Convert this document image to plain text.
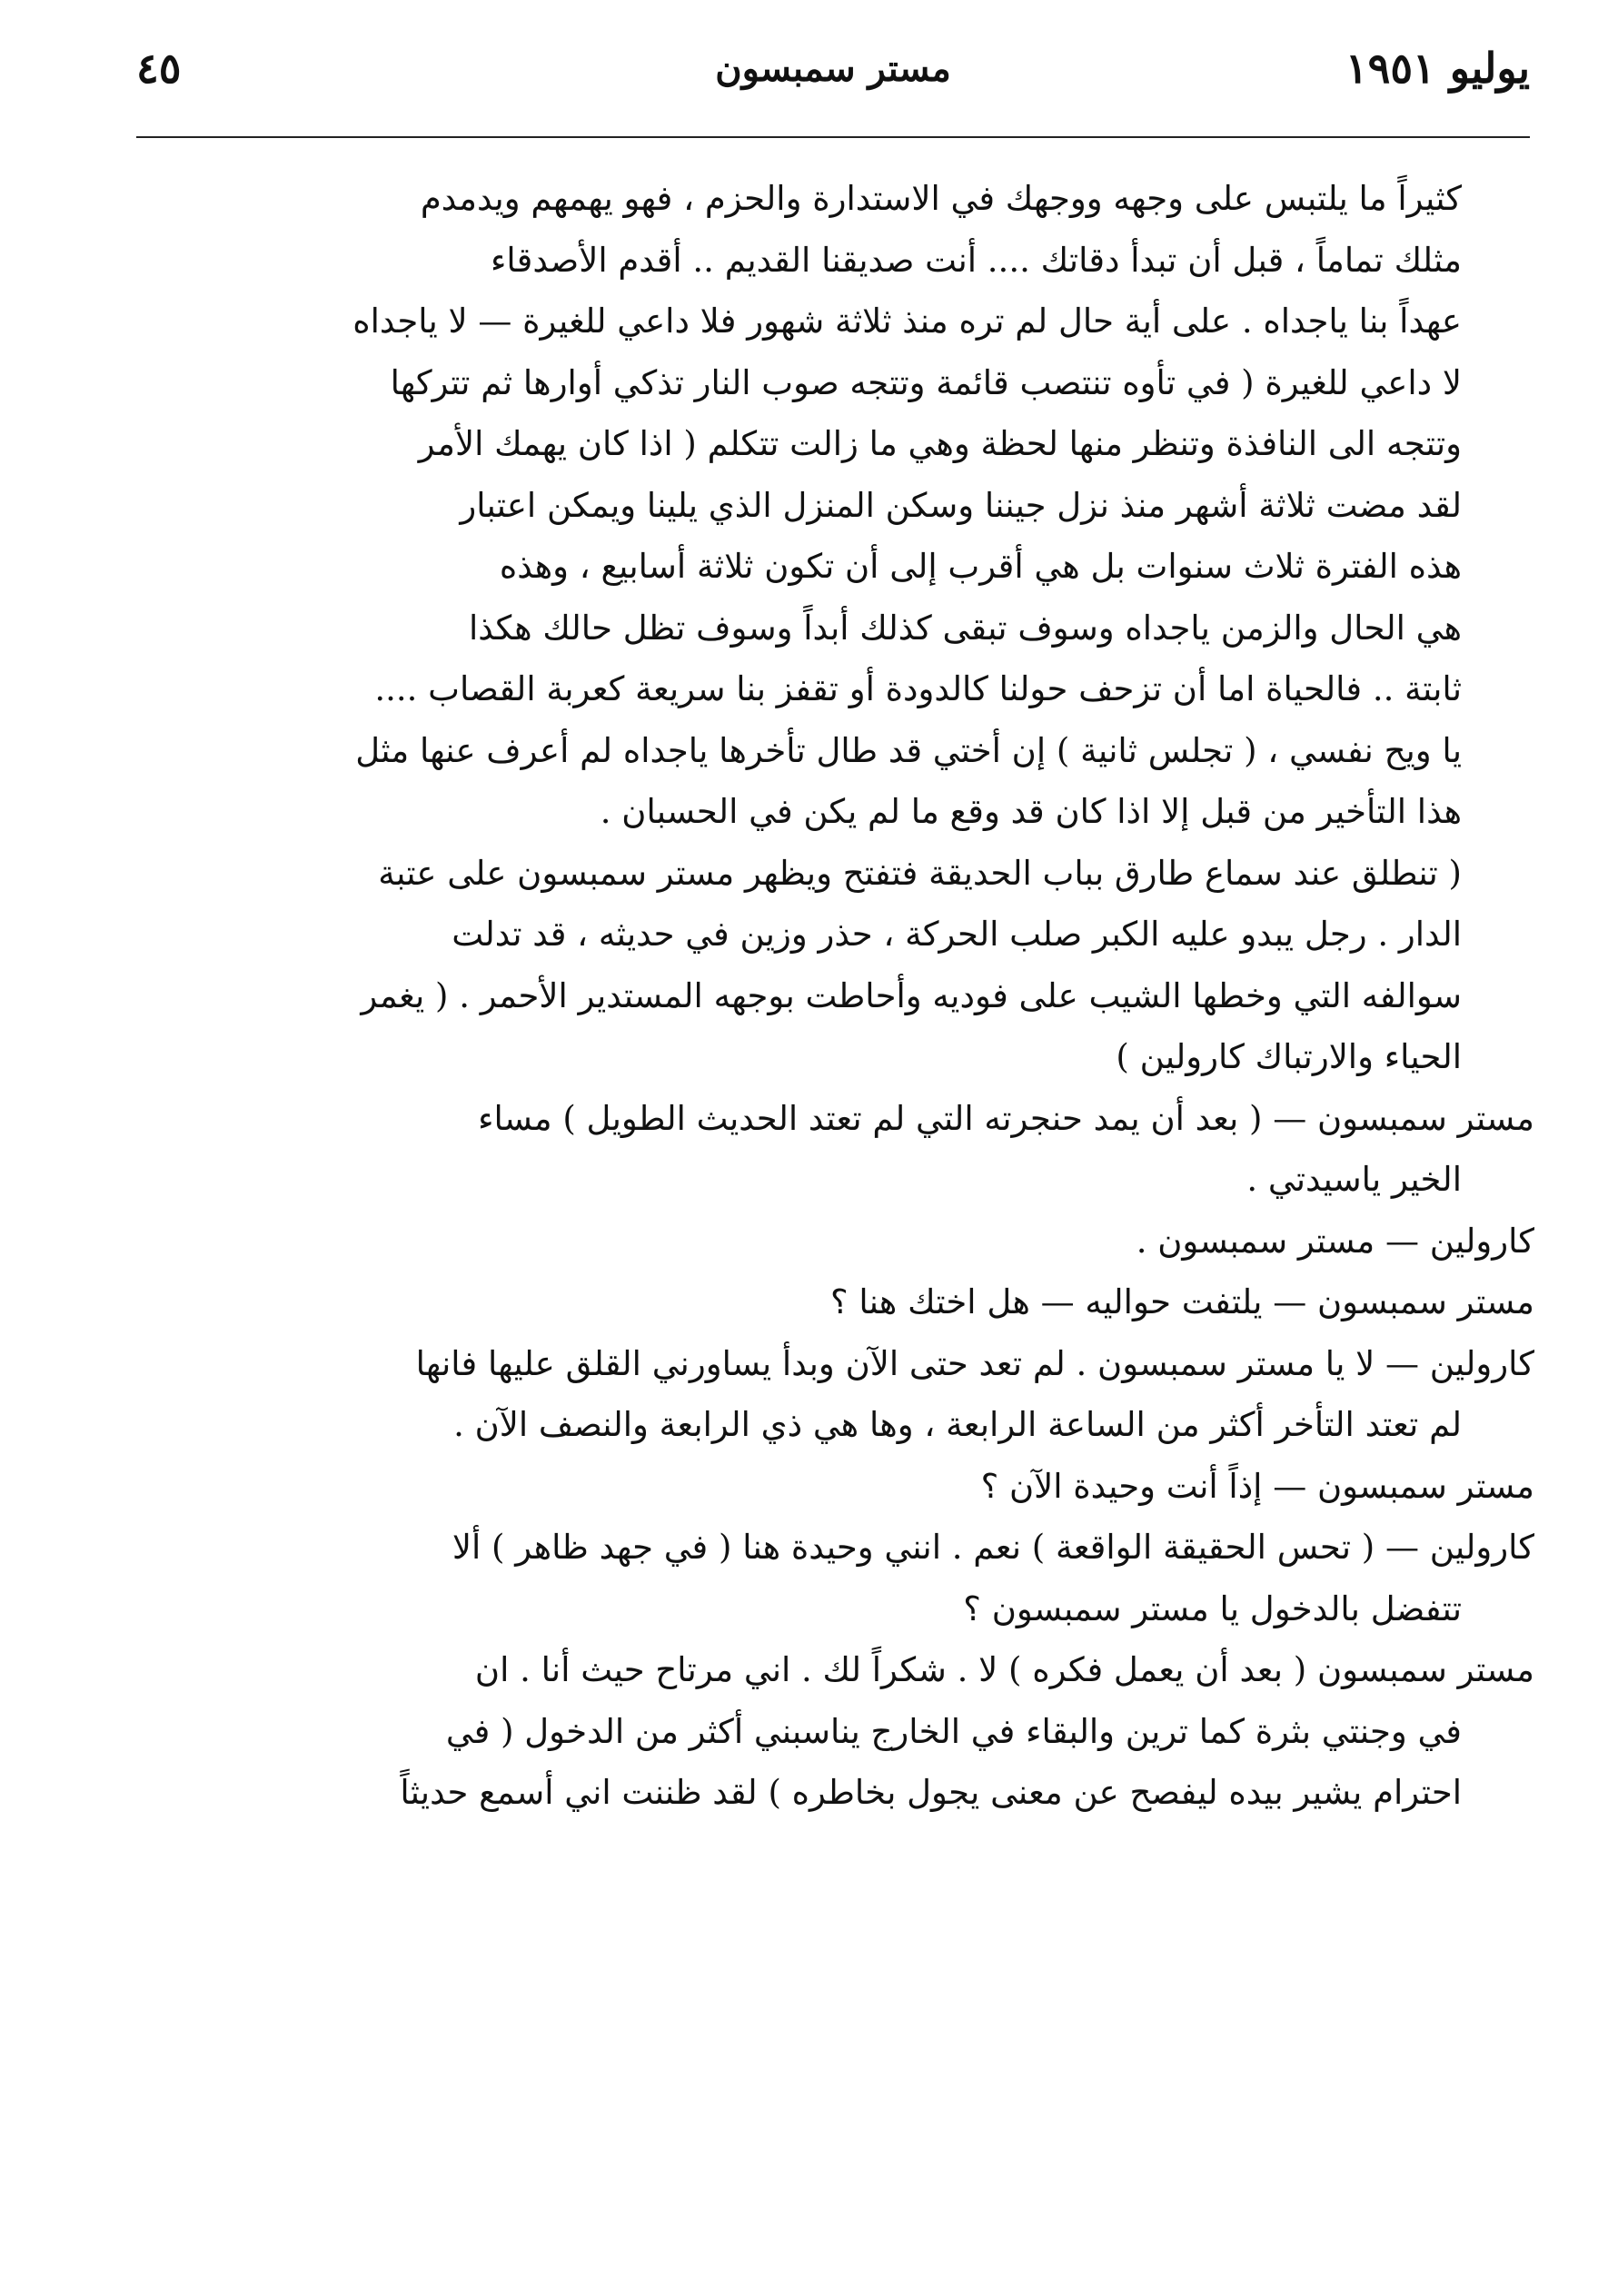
يوليو ١٩٥١
مستر سمبسون
٤٥
كثيراً ما يلتبس على وجهه ووجهك في الاستدارة والحزم ، فهو يهمهم ويدمدم
مثلك تماماً ، قبل أن تبدأ دقاتك .... أنت صديقنا القديم .. أقدم الأصدقاء
عهداً بنا ياجداه . على أية حال لم تره منذ ثلاثة شهور فلا داعي للغيرة — لا ياجداه
لا داعي للغيرة ( في تأوه تنتصب قائمة وتتجه صوب النار تذكي أوارها ثم تتركها
وتتجه الى النافذة وتنظر منها لحظة وهي ما زالت تتكلم ( اذا كان يهمك الأمر
لقد مضت ثلاثة أشهر منذ نزل جيننا وسكن المنزل الذي يلينا ويمكن اعتبار
هذه الفترة ثلاث سنوات بل هي أقرب إلى أن تكون ثلاثة أسابيع ، وهذه
هي الحال والزمن ياجداه وسوف تبقى كذلك أبداً وسوف تظل حالك هكذا
ثابتة .. فالحياة اما أن تزحف حولنا كالدودة أو تقفز بنا سريعة كعربة القصاب ....
يا ويح نفسي ، ( تجلس ثانية ) إن أختي قد طال تأخرها ياجداه لم أعرف عنها مثل
هذا التأخير من قبل إلا اذا كان قد وقع ما لم يكن في الحسبان .
( تنطلق عند سماع طارق بباب الحديقة فتفتح ويظهر مستر سمبسون على عتبة
الدار . رجل يبدو عليه الكبر صلب الحركة ، حذر وزين في حديثه ، قد تدلت
سوالفه التي وخطها الشيب على فوديه وأحاطت بوجهه المستدير الأحمر . ( يغمر
الحياء والارتباك كارولين )
مستر سمبسون — ( بعد أن يمد حنجرته التي لم تعتد الحديث الطويل ) مساء
الخير ياسيدتي .
كارولين — مستر سمبسون .
مستر سمبسون — يلتفت حواليه — هل اختك هنا ؟
كارولين — لا يا مستر سمبسون . لم تعد حتى الآن وبدأ يساورني القلق عليها فانها
لم تعتد التأخر أكثر من الساعة الرابعة ، وها هي ذي الرابعة والنصف الآن .
مستر سمبسون — إذاً أنت وحيدة الآن ؟
كارولين — ( تحس الحقيقة الواقعة ) نعم . انني وحيدة هنا ( في جهد ظاهر ) ألا
تتفضل بالدخول يا مستر سمبسون ؟
مستر سمبسون ( بعد أن يعمل فكره ) لا . شكراً لك . اني مرتاح حيث أنا . ان
في وجنتي بثرة كما ترين والبقاء في الخارج يناسبني أكثر من الدخول ( في
احترام يشير بيده ليفصح عن معنى يجول بخاطره ) لقد ظننت اني أسمع حديثاً
